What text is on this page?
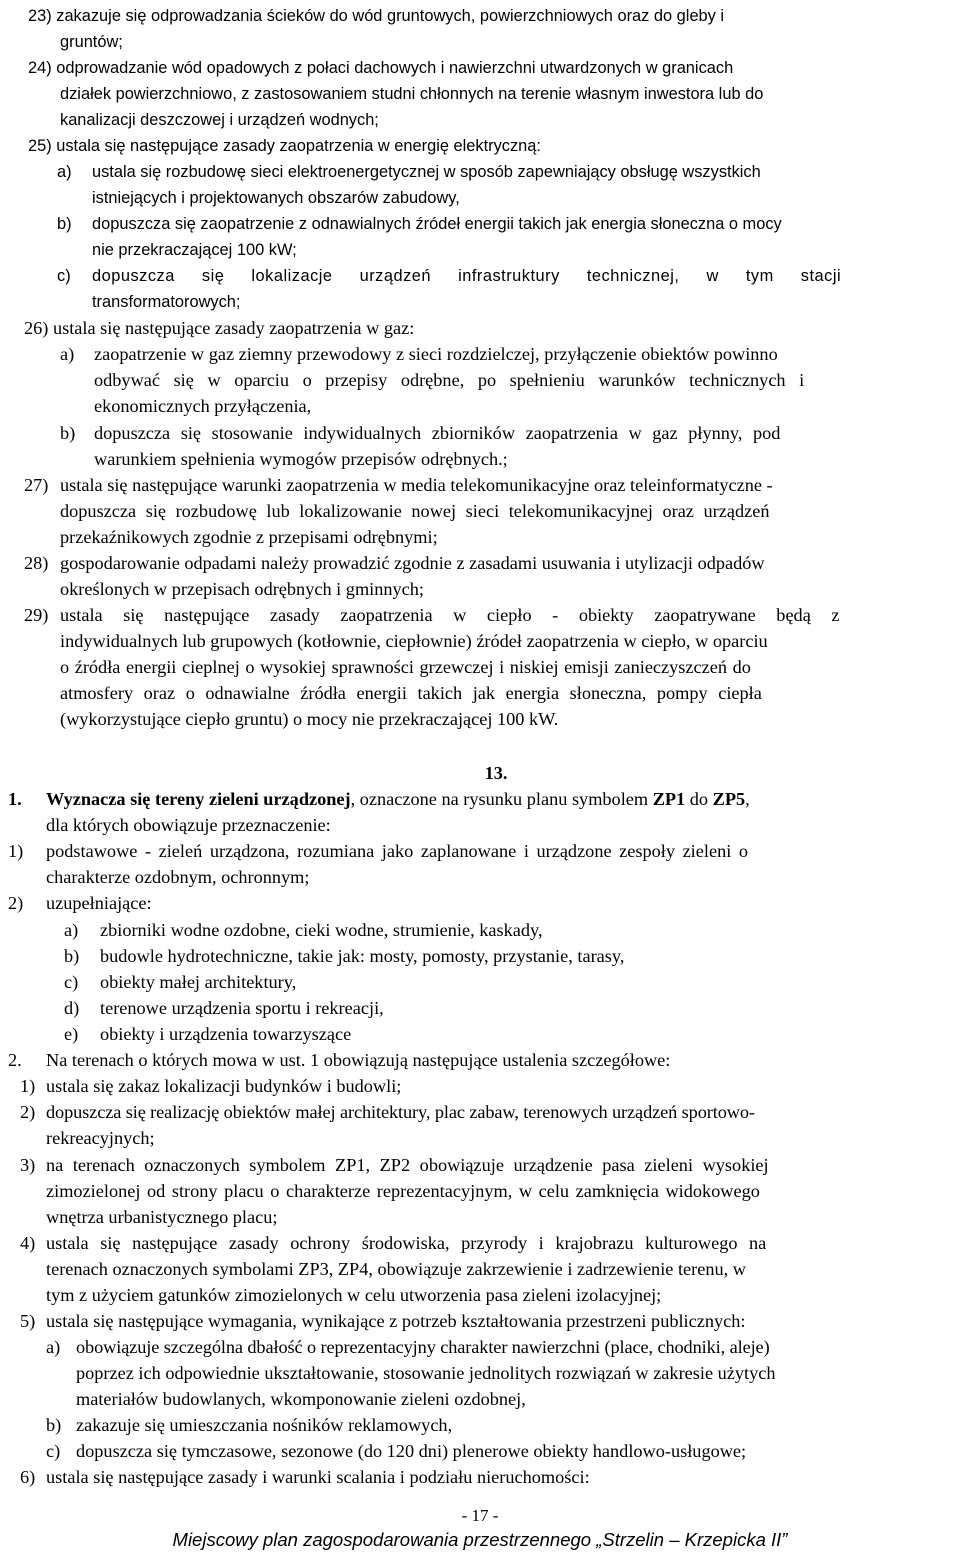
23) zakazuje się odprowadzania ścieków do wód gruntowych, powierzchniowych oraz do gleby i
gruntów;
24) odprowadzanie wód opadowych z połaci dachowych i nawierzchni utwardzonych w granicach
działek powierzchniowo, z zastosowaniem studni chłonnych na terenie własnym inwestora lub do
kanalizacji deszczowej i urządzeń wodnych;
25) ustala się następujące zasady zaopatrzenia w energię elektryczną:
a) ustala się rozbudowę sieci elektroenergetycznej w sposób zapewniający obsługę wszystkich
istniejących i projektowanych obszarów zabudowy,
b) dopuszcza się zaopatrzenie z odnawialnych źródeł energii takich jak energia słoneczna o mocy
nie przekraczającej 100 kW;
c) dopuszcza się lokalizacje urządzeń infrastruktury technicznej, w tym stacji
transformatorowych;
26) ustala się następujące zasady zaopatrzenia w gaz:
a) zaopatrzenie w gaz ziemny przewodowy z sieci rozdzielczej, przyłączenie obiektów powinno
odbywać się w oparciu o przepisy odrębne, po spełnieniu warunków technicznych i
ekonomicznych przyłączenia,
b) dopuszcza się stosowanie indywidualnych zbiorników zaopatrzenia w gaz płynny, pod
warunkiem spełnienia wymogów przepisów odrębnych.;
27) ustala się następujące warunki zaopatrzenia w media telekomunikacyjne oraz teleinformatyczne -
dopuszcza się rozbudowę lub lokalizowanie nowej sieci telekomunikacyjnej oraz urządzeń
przekaźnikowych zgodnie z przepisami odrębnymi;
28) gospodarowanie odpadami należy prowadzić zgodnie z zasadami usuwania i utylizacji odpadów
określonych w przepisach odrębnych i gminnych;
29) ustala się następujące zasady zaopatrzenia w ciepło - obiekty zaopatrywane będą z
indywidualnych lub grupowych (kotłownie, ciepłownie) źródeł zaopatrzenia w ciepło, w oparciu
o źródła energii cieplnej o wysokiej sprawności grzewczej i niskiej emisji zanieczyszczeń do
atmosfery oraz o odnawialne źródła energii takich jak energia słoneczna, pompy ciepła
(wykorzystujące ciepło gruntu) o mocy nie przekraczającej 100 kW.
13.
1. Wyznacza się tereny zieleni urządzonej, oznaczone na rysunku planu symbolem ZP1 do ZP5,
dla których obowiązuje przeznaczenie:
1) podstawowe - zieleń urządzona, rozumiana jako zaplanowane i urządzone zespoły zieleni o
charakterze ozdobnym, ochronnym;
2) uzupełniające:
a) zbiorniki wodne ozdobne, cieki wodne, strumienie, kaskady,
b) budowle hydrotechniczne, takie jak: mosty, pomosty, przystanie, tarasy,
c) obiekty małej architektury,
d) terenowe urządzenia sportu i rekreacji,
e) obiekty i urządzenia towarzyszące
2. Na terenach o których mowa w ust. 1 obowiązują następujące ustalenia szczegółowe:
1) ustala się zakaz lokalizacji budynków i budowli;
2) dopuszcza się realizację obiektów małej architektury, plac zabaw, terenowych urządzeń sportowo-
rekreacyjnych;
3) na terenach oznaczonych symbolem ZP1, ZP2 obowiązuje urządzenie pasa zieleni wysokiej
zimozielonej od strony placu o charakterze reprezentacyjnym, w celu zamknięcia widokowego
wnętrza urbanistycznego placu;
4) ustala się następujące zasady ochrony środowiska, przyrody i krajobrazu kulturowego na
terenach oznaczonych symbolami ZP3, ZP4, obowiązuje zakrzewienie i zadrzewienie terenu, w
tym z użyciem gatunków zimozielonych w celu utworzenia pasa zieleni izolacyjnej;
5) ustala się następujące wymagania, wynikające z potrzeb kształtowania przestrzeni publicznych:
a) obowiązuje szczególna dbałość o reprezentacyjny charakter nawierzchni (place, chodniki, aleje)
poprzez ich odpowiednie ukształtowanie, stosowanie jednolitych rozwiązań w zakresie użytych
materiałów budowlanych, wkomponowanie zieleni ozdobnej,
b) zakazuje się umieszczania nośników reklamowych,
c) dopuszcza się tymczasowe, sezonowe (do 120 dni) plenerowe obiekty handlowo-usługowe;
6) ustala się następujące zasady i warunki scalania i podziału nieruchomości:
- 17 -
Miejscowy plan zagospodarowania przestrzennego „Strzelin – Krzepicka II”
